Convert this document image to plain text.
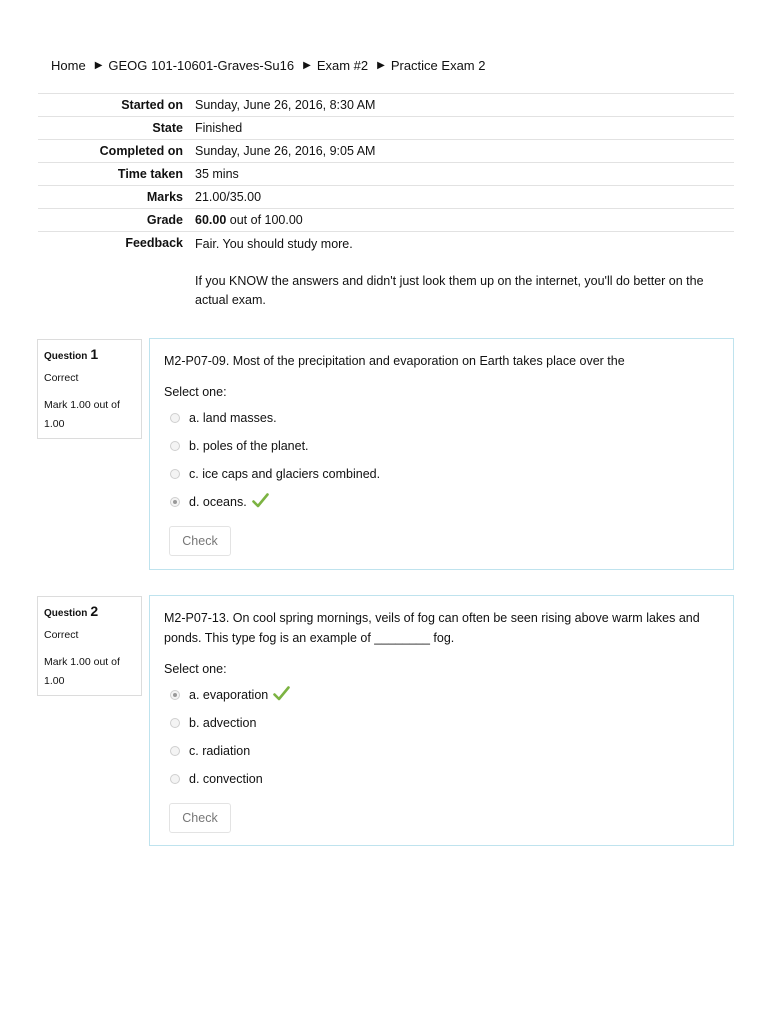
Home ▶ GEOG 101-10601-Graves-Su16 ▶ Exam #2 ▶ Practice Exam 2
Started on	Sunday, June 26, 2016, 8:30 AM
State	Finished
Completed on	Sunday, June 26, 2016, 9:05 AM
Time taken	35 mins
Marks	21.00/35.00
Grade	60.00 out of 100.00
Feedback	Fair. You should study more.
If you KNOW the answers and didn't just look them up on the internet, you'll do better on the actual exam.
Question 1
Correct
Mark 1.00 out of 1.00
M2-P07-09. Most of the precipitation and evaporation on Earth takes place over the
Select one:
a. land masses.
b. poles of the planet.
c. ice caps and glaciers combined.
d. oceans.
Check
Question 2
Correct
Mark 1.00 out of 1.00
M2-P07-13. On cool spring mornings, veils of fog can often be seen rising above warm lakes and ponds. This type fog is an example of ________ fog.
Select one:
a. evaporation
b. advection
c. radiation
d. convection
Check
